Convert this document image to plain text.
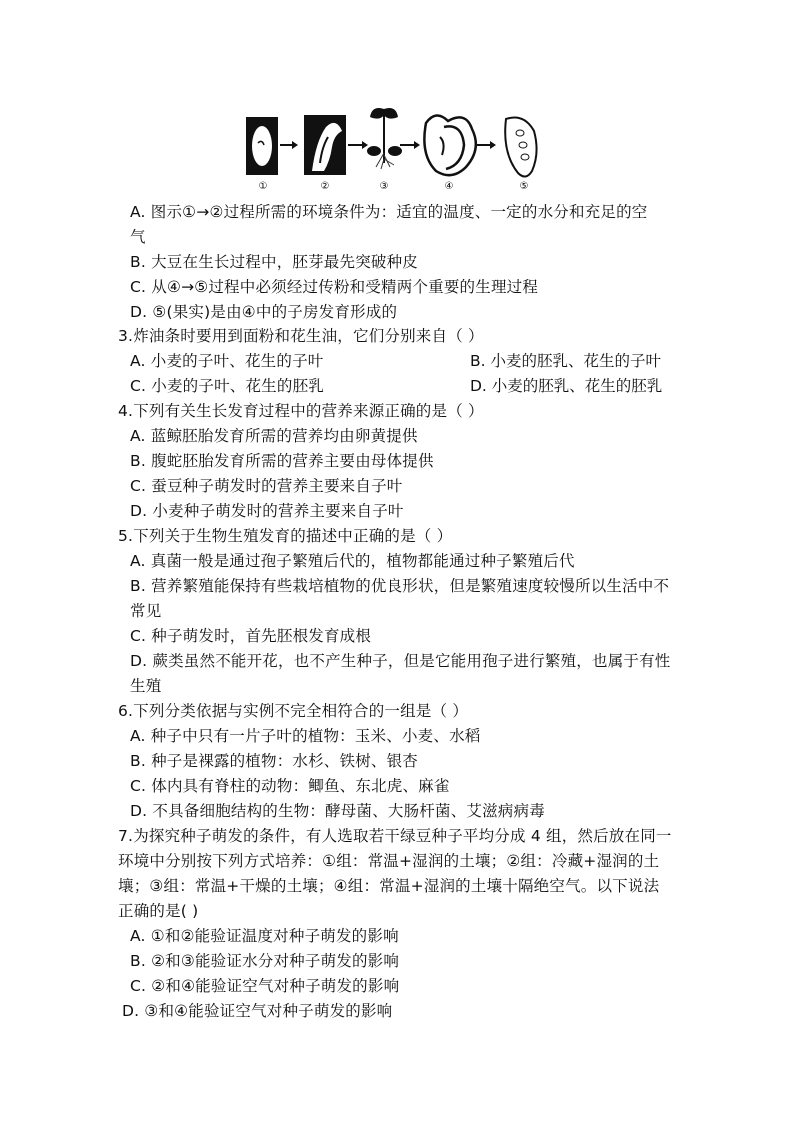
①	②	③	④	⑤
A. 图示①→②过程所需的环境条件为：适宜的温度、一定的水分和充足的空
气
B. 大豆在生长过程中，胚芽最先突破种皮
C. 从④→⑤过程中必须经过传粉和受精两个重要的生理过程
D. ⑤(果实)是由④中的子房发育形成的
3.炸油条时要用到面粉和花生油，它们分别来自（ ）
A. 小麦的子叶、花生的子叶	B. 小麦的胚乳、花生的子叶
C. 小麦的子叶、花生的胚乳	D. 小麦的胚乳、花生的胚乳
4.下列有关生长发育过程中的营养来源正确的是（ ）
A. 蓝鲸胚胎发育所需的营养均由卵黄提供
B. 腹蛇胚胎发育所需的营养主要由母体提供
C. 蚕豆种子萌发时的营养主要来自子叶
D. 小麦种子萌发时的营养主要来自子叶
5.下列关于生物生殖发育的描述中正确的是（ ）
A. 真菌一般是通过孢子繁殖后代的，植物都能通过种子繁殖后代
B. 营养繁殖能保持有些栽培植物的优良形状，但是繁殖速度较慢所以生活中不
常见
C. 种子萌发时，首先胚根发育成根
D. 蕨类虽然不能开花，也不产生种子，但是它能用孢子进行繁殖，也属于有性
生殖
6.下列分类依据与实例不完全相符合的一组是（ ）
A. 种子中只有一片子叶的植物：玉米、小麦、水稻
B. 种子是裸露的植物：水杉、铁树、银杏
C. 体内具有脊柱的动物：鲫鱼、东北虎、麻雀
D. 不具备细胞结构的生物：酵母菌、大肠杆菌、艾滋病病毒
7.为探究种子萌发的条件，有人选取若干绿豆种子平均分成 4 组，然后放在同一
环境中分别按下列方式培养：①组：常温+湿润的土壤；②组：冷藏+湿润的土
壤；③组：常温+干燥的土壤；④组：常温+湿润的土壤十隔绝空气。以下说法
正确的是( )
A. ①和②能验证温度对种子萌发的影响
B. ②和③能验证水分对种子萌发的影响
C. ②和④能验证空气对种子萌发的影响
D. ③和④能验证空气对种子萌发的影响
